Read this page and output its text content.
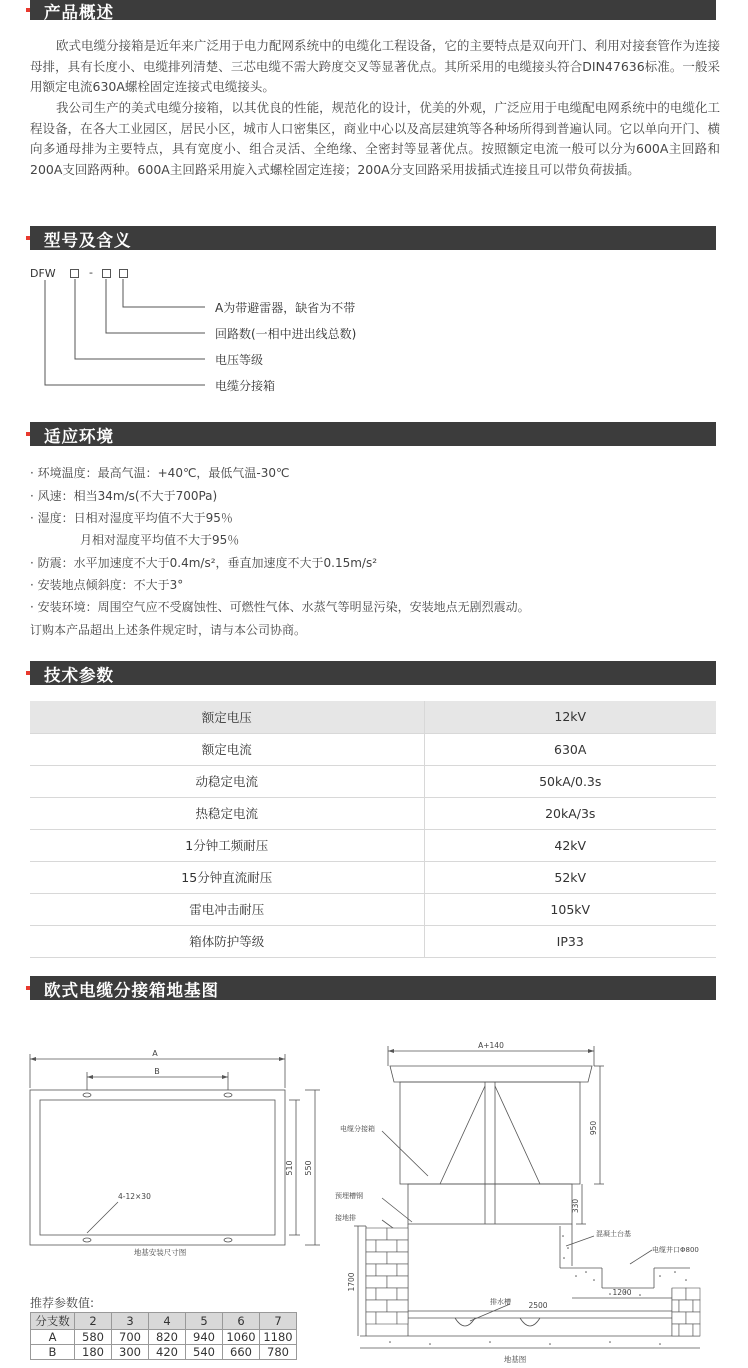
产品概述
欧式电缆分接箱是近年来广泛用于电力配网系统中的电缆化工程设备，它的主要特点是双向开门、利用对接套管作为连接母排，具有长度小、电缆排列清楚、三芯电缆不需大跨度交叉等显著优点。其所采用的电缆接头符合DIN47636标准。一般采用额定电流630A螺栓固定连接式电缆接头。
我公司生产的美式电缆分接箱，以其优良的性能，规范化的设计，优美的外观，广泛应用于电缆配电网系统中的电缆化工程设备，在各大工业园区，居民小区，城市人口密集区，商业中心以及高层建筑等各种场所得到普遍认同。它以单向开门、横向多通母排为主要特点，具有宽度小、组合灵活、全绝缘、全密封等显著优点。按照额定电流一般可以分为600A主回路和200A支回路两种。600A主回路采用旋入式螺栓固定连接；200A分支回路采用拔插式连接且可以带负荷拔插。
型号及含义
DFW	-
A为带避雷器，缺省为不带
回路数(一相中进出线总数)
电压等级
电缆分接箱
适应环境
· 环境温度：最高气温：+40℃，最低气温-30℃
· 风速：相当34m/s(不大于700Pa)
· 湿度：日相对湿度平均值不大于95％
月相对湿度平均值不大于95％
· 防震：水平加速度不大于0.4m/s²，垂直加速度不大于0.15m/s²
· 安装地点倾斜度：不大于3°
· 安装环境：周围空气应不受腐蚀性、可燃性气体、水蒸气等明显污染，安装地点无剧烈震动。
订购本产品超出上述条件规定时，请与本公司协商。
技术参数
额定电压	12kV
额定电流	630A
动稳定电流	50kA/0.3s
热稳定电流	20kA/3s
1分钟工频耐压	42kV
15分钟直流耐压	52kV
雷电冲击耐压	105kV
箱体防护等级	IP33
欧式电缆分接箱地基图
A
B
510 550
4-12×30
地基安装尺寸图
A+140
950
330
1700
2500
1200
电缆分接箱
预埋槽钢
接地排
混凝土台基
电缆井口Φ800
排水槽
地基图
推荐参数值:
分支数	2	3	4	5	6	7
A	580	700	820	940	1060	1180
B	180	300	420	540	660	780
